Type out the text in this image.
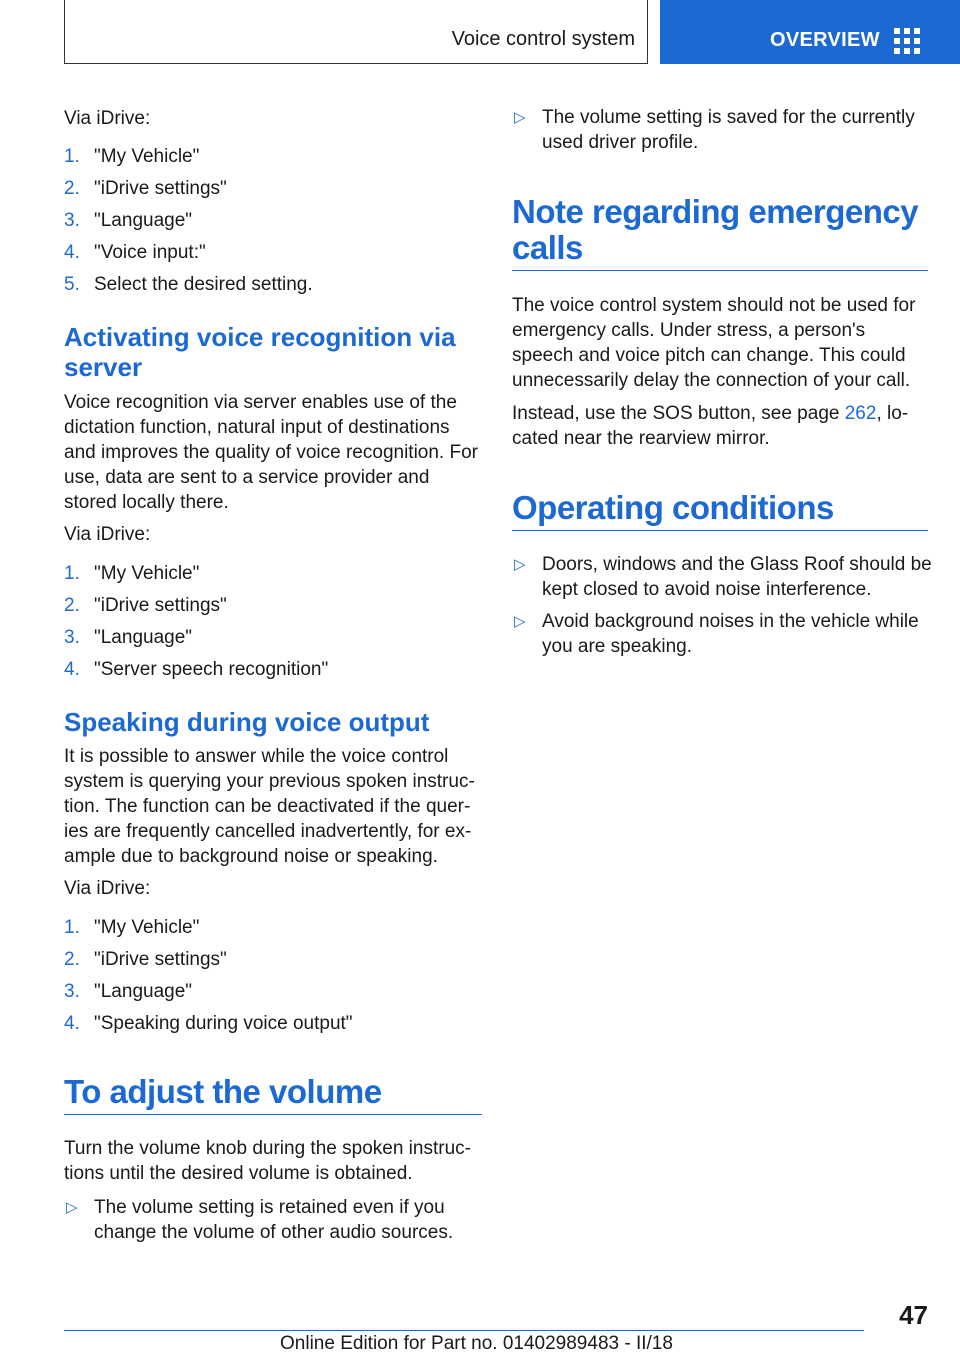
Voice control system	OVERVIEW

Via iDrive:

1. "My Vehicle"
2. "iDrive settings"
3. "Language"
4. "Voice input:"
5. Select the desired setting.
Activating voice recognition via server

Voice recognition via server enables use of the dictation function, natural input of destinations and improves the quality of voice recognition. For use, data are sent to a service provider and stored locally there.

Via iDrive:

1. "My Vehicle"
2. "iDrive settings"
3. "Language"
4. "Server speech recognition"
Speaking during voice output

It is possible to answer while the voice control system is querying your previous spoken instruction. The function can be deactivated if the queries are frequently cancelled inadvertently, for example due to background noise or speaking.

Via iDrive:

1. "My Vehicle"
2. "iDrive settings"
3. "Language"
4. "Speaking during voice output"
To adjust the volume

Turn the volume knob during the spoken instructions until the desired volume is obtained.

▷ The volume setting is retained even if you change the volume of other audio sources.
▷ The volume setting is saved for the currently used driver profile.
Note regarding emergency calls

The voice control system should not be used for emergency calls. Under stress, a person's speech and voice pitch can change. This could unnecessarily delay the connection of your call.

Instead, use the SOS button, see page 262, located near the rearview mirror.

Operating conditions
▷ Doors, windows and the Glass Roof should be kept closed to avoid noise interference.
▷ Avoid background noises in the vehicle while you are speaking.
47
Online Edition for Part no. 01402989483 - II/18
